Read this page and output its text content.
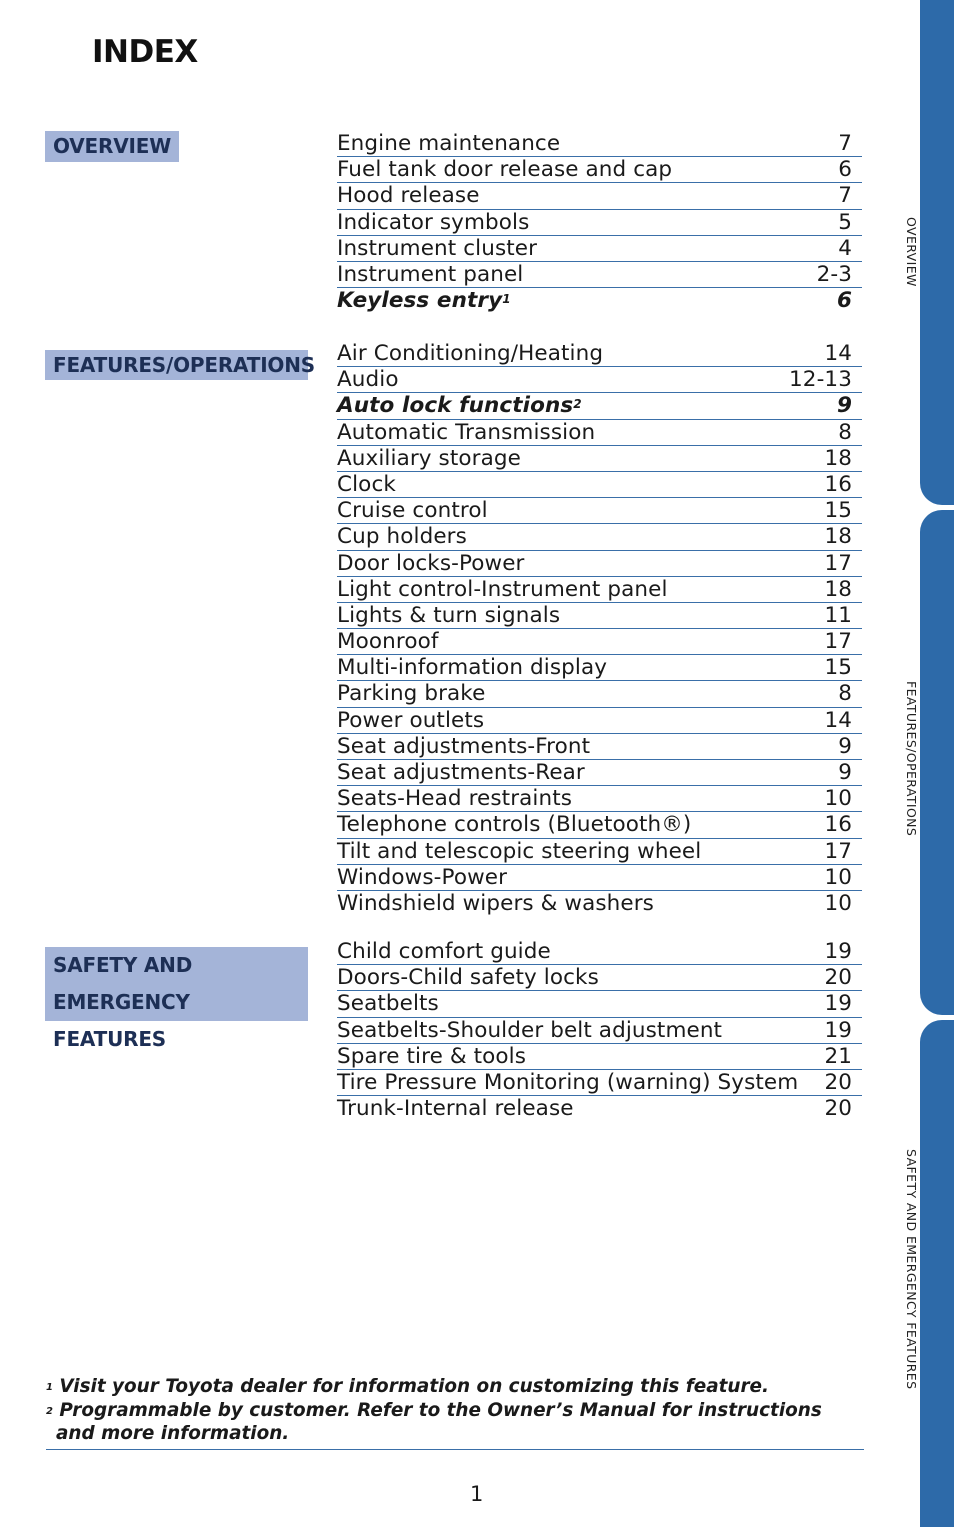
INDEX
OVERVIEW
FEATURES/OPERATIONS
SAFETY AND
EMERGENCY FEATURES
Engine maintenance	7
Fuel tank door release and cap	6
Hood release	7
Indicator symbols	5
Instrument cluster	4
Instrument panel	2-3
Keyless entry$^1$	6
Air Conditioning/Heating	14
Audio	12-13
Auto lock functions$^2$	9
Automatic Transmission	8
Auxiliary storage	18
Clock	16
Cruise control	15
Cup holders	18
Door locks-Power	17
Light control-Instrument panel	18
Lights & turn signals	11
Moonroof	17
Multi-information display	15
Parking brake	8
Power outlets	14
Seat adjustments-Front	9
Seat adjustments-Rear	9
Seats-Head restraints	10
Telephone controls (Bluetooth®)	16
Tilt and telescopic steering wheel	17
Windows-Power	10
Windshield wipers & washers	10
Child comfort guide	19
Doors-Child safety locks	20
Seatbelts	19
Seatbelts-Shoulder belt adjustment	19
Spare tire & tools	21
Tire Pressure Monitoring (warning) System 20
Trunk-Internal release	20
$^1$ Visit your Toyota dealer for information on customizing this feature.
$^2$ Programmable by customer. Refer to the Owner’s Manual for instructions and more information.
1
OVERVIEW
FEATURES/OPERATIONS
SAFETY AND EMERGENCY FEATURES
